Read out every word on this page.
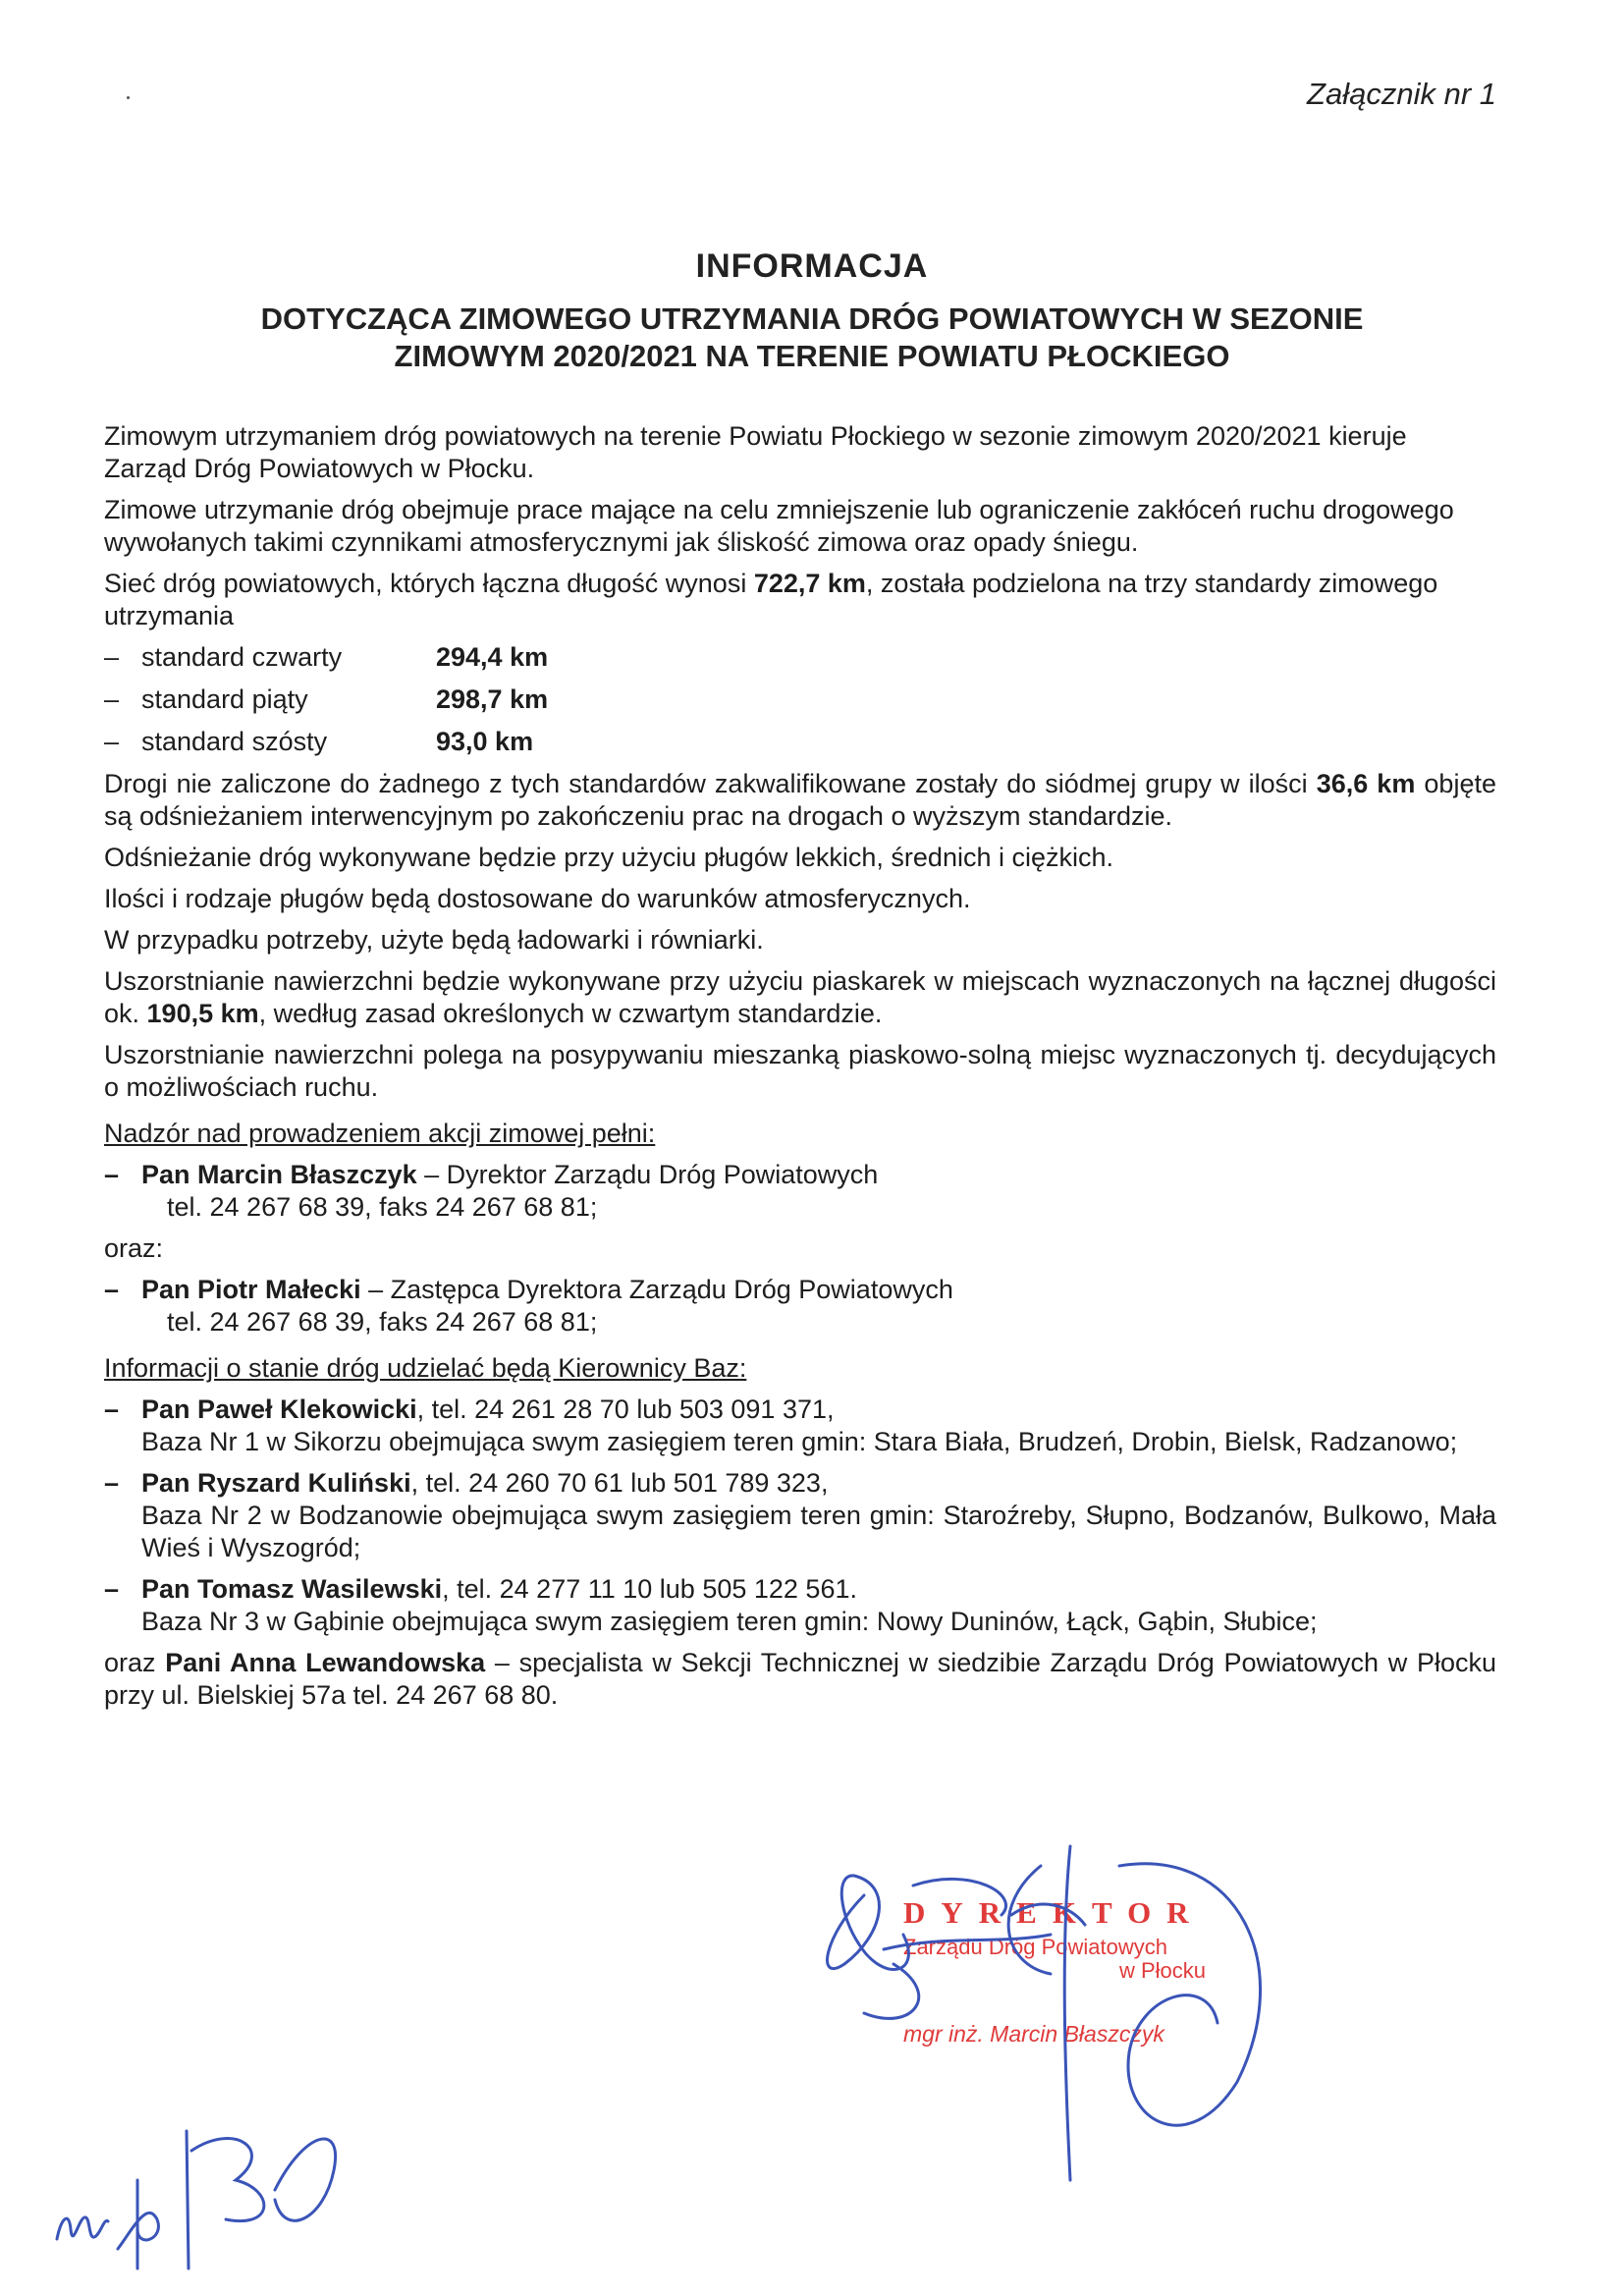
Załącznik nr 1
INFORMACJA
DOTYCZĄCA ZIMOWEGO UTRZYMANIA DRÓG POWIATOWYCH W SEZONIE
ZIMOWYM 2020/2021 NA TERENIE POWIATU PŁOCKIEGO

Zimowym utrzymaniem dróg powiatowych na terenie Powiatu Płockiego w sezonie zimowym 2020/2021 kieruje Zarząd Dróg Powiatowych w Płocku.

Zimowe utrzymanie dróg obejmuje prace mające na celu zmniejszenie lub ograniczenie zakłóceń ruchu drogowego wywołanych takimi czynnikami atmosferycznymi jak śliskość zimowa oraz opady śniegu.

Sieć dróg powiatowych, których łączna długość wynosi 722,7 km, została podzielona na trzy standardy zimowego utrzymania

– standard czwarty	294,4 km
– standard piąty	298,7 km
– standard szósty	93,0 km

Drogi nie zaliczone do żadnego z tych standardów zakwalifikowane zostały do siódmej grupy w ilości 36,6 km objęte są odśnieżaniem interwencyjnym po zakończeniu prac na drogach o wyższym standardzie.

Odśnieżanie dróg wykonywane będzie przy użyciu pługów lekkich, średnich i ciężkich.

Ilości i rodzaje pługów będą dostosowane do warunków atmosferycznych.

W przypadku potrzeby, użyte będą ładowarki i równiarki.

Uszorstnianie nawierzchni będzie wykonywane przy użyciu piaskarek w miejscach wyznaczonych na łącznej długości ok. 190,5 km, według zasad określonych w czwartym standardzie.

Uszorstnianie nawierzchni polega na posypywaniu mieszanką piaskowo-solną miejsc wyznaczonych tj. decydujących o możliwościach ruchu.

Nadzór nad prowadzeniem akcji zimowej pełni:

– Pan Marcin Błaszczyk – Dyrektor Zarządu Dróg Powiatowych
tel. 24 267 68 39, faks 24 267 68 81;

oraz:

– Pan Piotr Małecki – Zastępca Dyrektora Zarządu Dróg Powiatowych
tel. 24 267 68 39, faks 24 267 68 81;

Informacji o stanie dróg udzielać będą Kierownicy Baz:

– Pan Paweł Klekowicki, tel. 24 261 28 70 lub 503 091 371,
Baza Nr 1 w Sikorzu obejmująca swym zasięgiem teren gmin: Stara Biała, Brudzeń, Drobin, Bielsk, Radzanowo;
– Pan Ryszard Kuliński, tel. 24 260 70 61 lub 501 789 323,
Baza Nr 2 w Bodzanowie obejmująca swym zasięgiem teren gmin: Staroźreby, Słupno, Bodzanów, Bulkowo, Mała Wieś i Wyszogród;
– Pan Tomasz Wasilewski, tel. 24 277 11 10 lub 505 122 561.
Baza Nr 3 w Gąbinie obejmująca swym zasięgiem teren gmin: Nowy Duninów, Łąck, Gąbin, Słubice;

oraz Pani Anna Lewandowska – specjalista w Sekcji Technicznej w siedzibie Zarządu Dróg Powiatowych w Płocku przy ul. Bielskiej 57a tel. 24 267 68 80.

DYREKTOR
Zarządu Dróg Powiatowych
w Płocku
mgr inż. Marcin Błaszczyk
